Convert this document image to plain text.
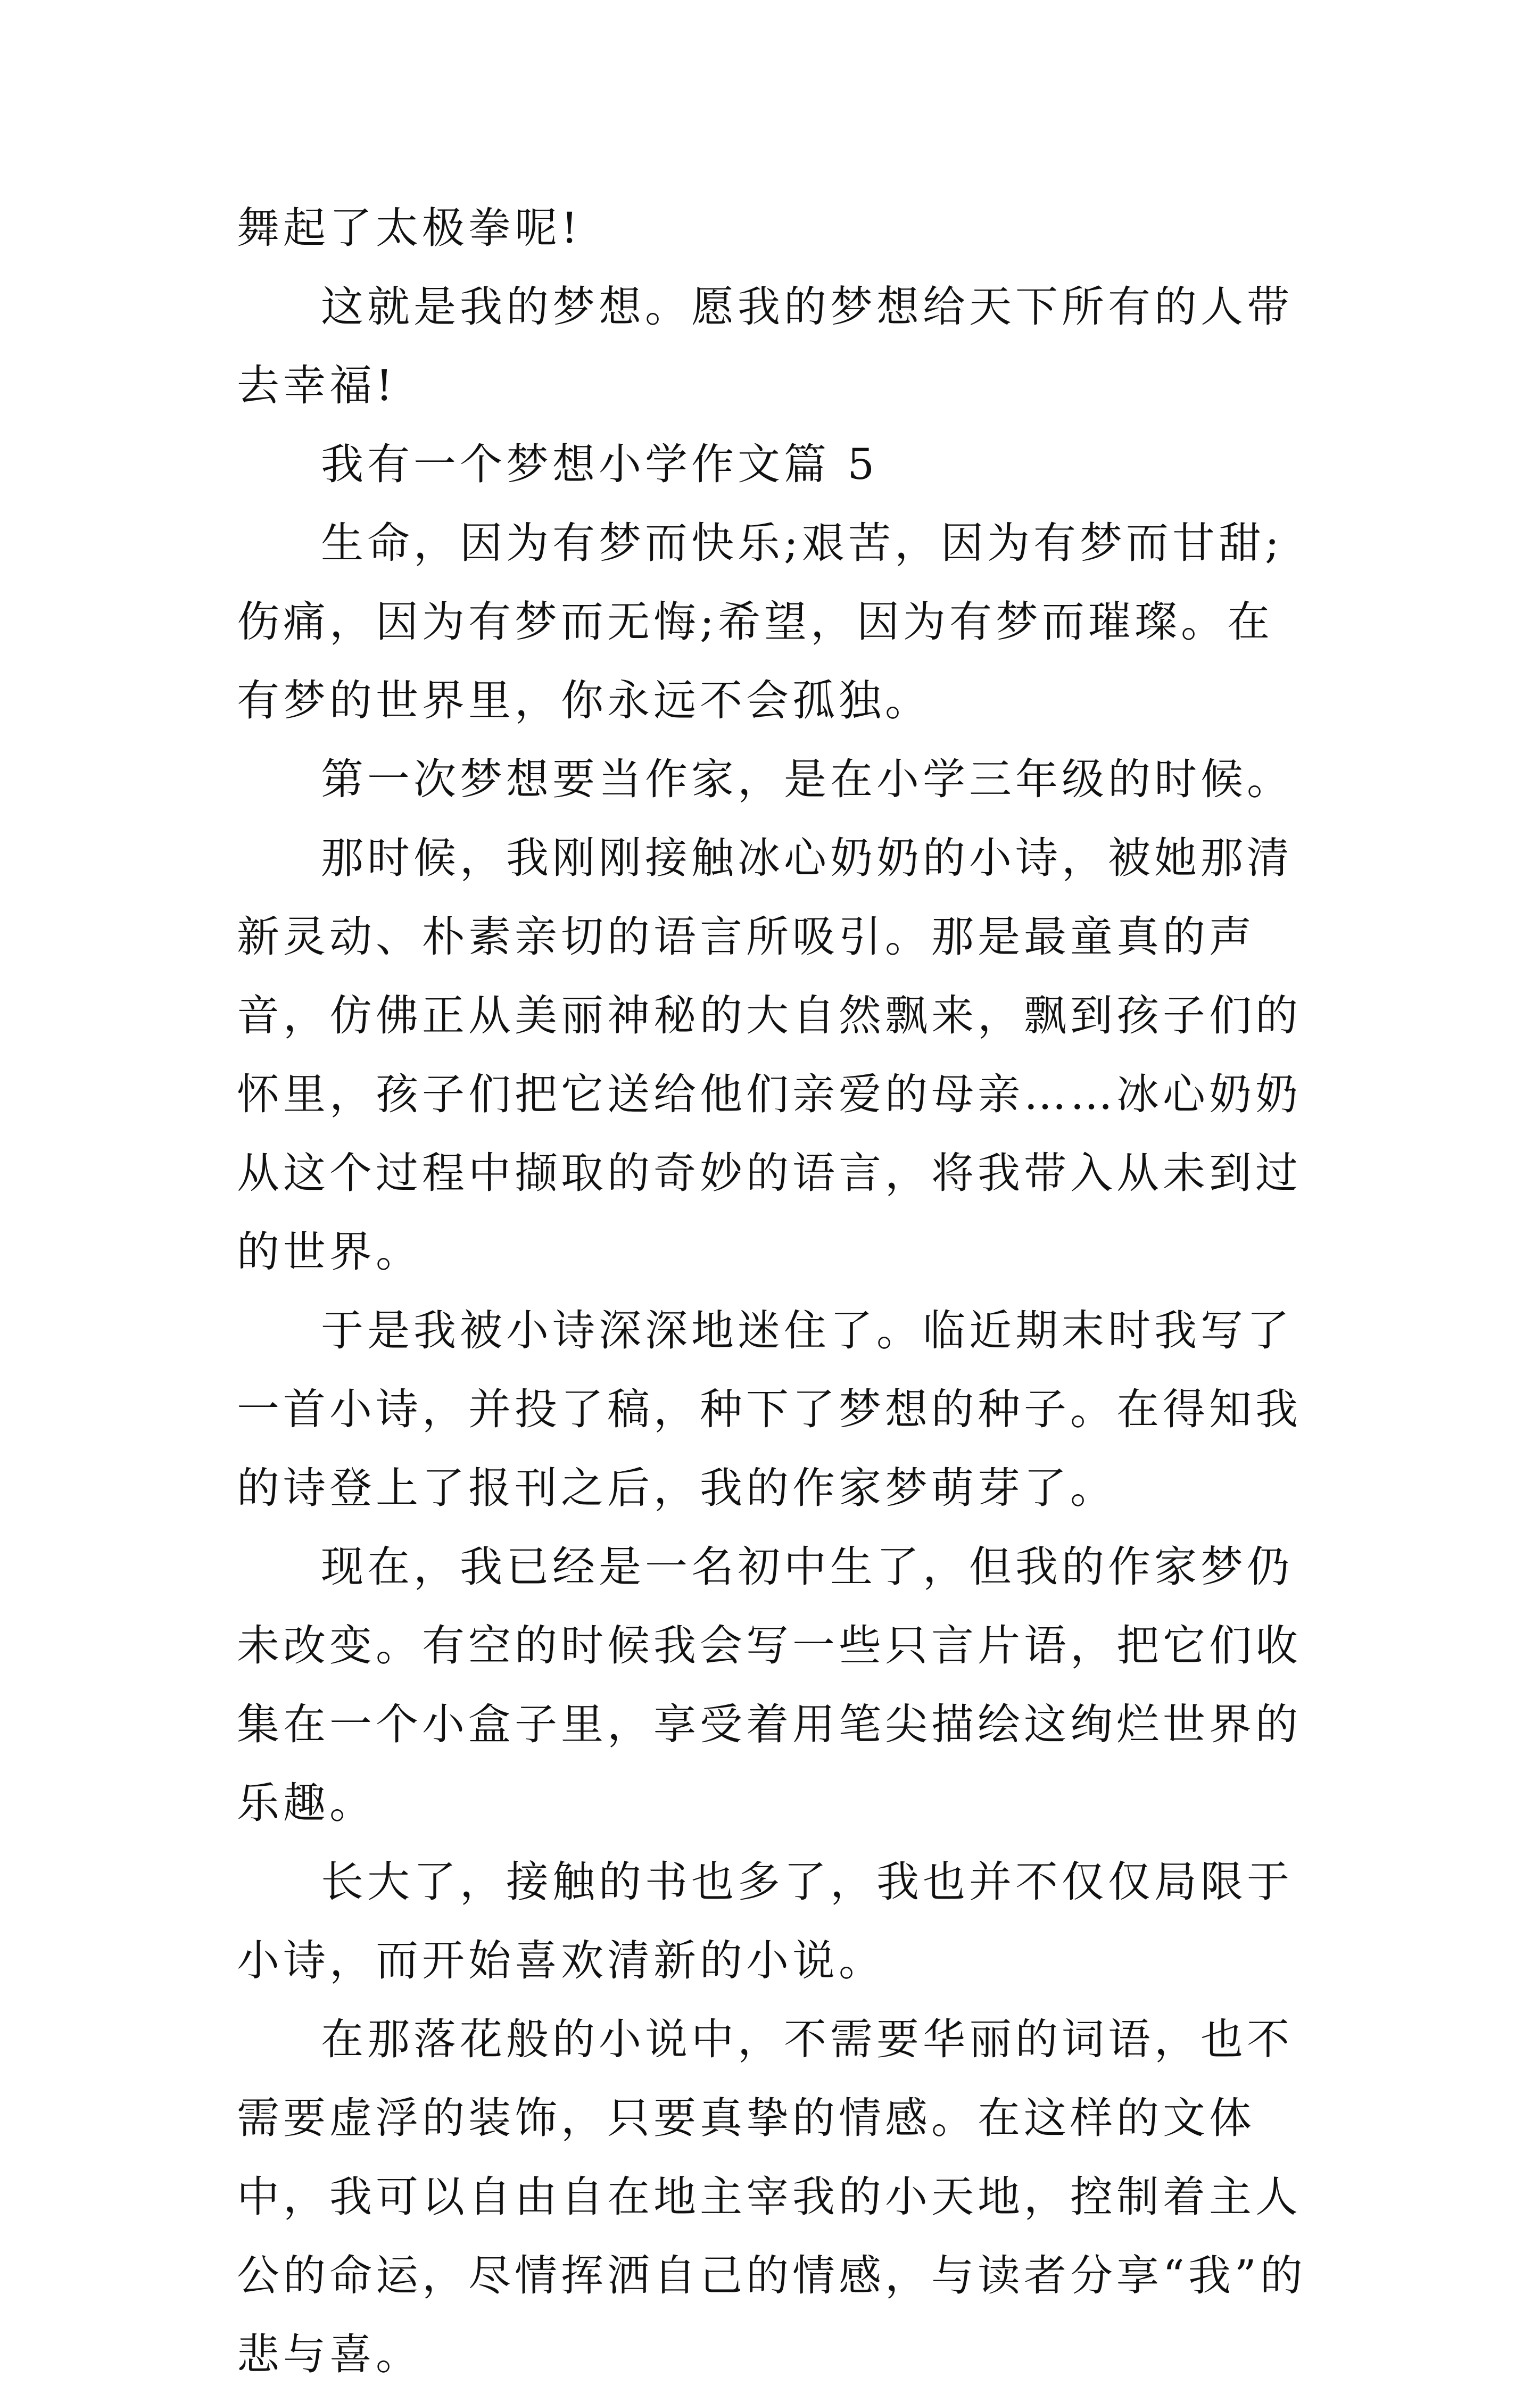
舞起了太极拳呢!

这就是我的梦想。愿我的梦想给天下所有的人带去幸福!

我有一个梦想小学作文篇 5

生命，因为有梦而快乐;艰苦，因为有梦而甘甜;伤痛，因为有梦而无悔;希望，因为有梦而璀璨。在有梦的世界里，你永远不会孤独。

第一次梦想要当作家，是在小学三年级的时候。

那时候，我刚刚接触冰心奶奶的小诗，被她那清新灵动、朴素亲切的语言所吸引。那是最童真的声音，仿佛正从美丽神秘的大自然飘来，飘到孩子们的怀里，孩子们把它送给他们亲爱的母亲……冰心奶奶从这个过程中撷取的奇妙的语言，将我带入从未到过的世界。

于是我被小诗深深地迷住了。临近期末时我写了一首小诗，并投了稿，种下了梦想的种子。在得知我的诗登上了报刊之后，我的作家梦萌芽了。

现在，我已经是一名初中生了，但我的作家梦仍未改变。有空的时候我会写一些只言片语，把它们收集在一个小盒子里，享受着用笔尖描绘这绚烂世界的乐趣。

长大了，接触的书也多了，我也并不仅仅局限于小诗，而开始喜欢清新的小说。

在那落花般的小说中，不需要华丽的词语，也不需要虚浮的装饰，只要真挚的情感。在这样的文体中，我可以自由自在地主宰我的小天地，控制着主人公的命运，尽情挥洒自己的情感，与读者分享“我”的悲与喜。
